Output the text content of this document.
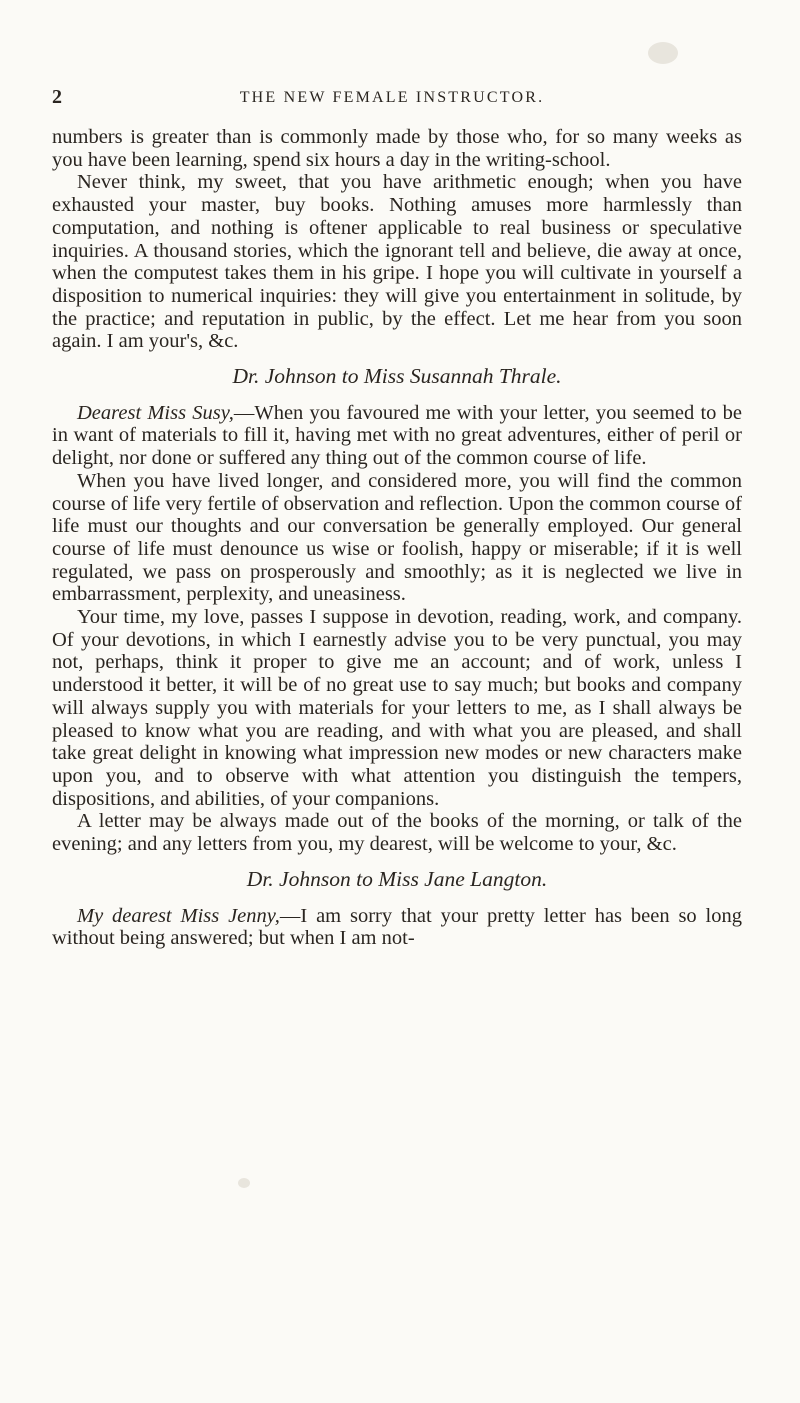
2	THE NEW FEMALE INSTRUCTOR.

numbers is greater than is commonly made by those who, for so many weeks as you have been learning, spend six hours a day in the writing-school.

Never think, my sweet, that you have arithmetic enough; when you have exhausted your master, buy books. Nothing amuses more harmlessly than computation, and nothing is oftener applicable to real business or speculative inquiries. A thousand stories, which the ignorant tell and believe, die away at once, when the computest takes them in his gripe. I hope you will cultivate in yourself a disposition to numerical inquiries: they will give you entertainment in solitude, by the practice; and reputation in public, by the effect. Let me hear from you soon again. I am your's, &c.

Dr. Johnson to Miss Susannah Thrale.

Dearest Miss Susy,—When you favoured me with your letter, you seemed to be in want of materials to fill it, having met with no great adventures, either of peril or delight, nor done or suffered any thing out of the common course of life.

When you have lived longer, and considered more, you will find the common course of life very fertile of observation and reflection. Upon the common course of life must our thoughts and our conversation be generally employed. Our general course of life must denounce us wise or foolish, happy or miserable; if it is well regulated, we pass on prosperously and smoothly; as it is neglected we live in embarrassment, perplexity, and uneasiness.

Your time, my love, passes I suppose in devotion, reading, work, and company. Of your devotions, in which I earnestly advise you to be very punctual, you may not, perhaps, think it proper to give me an account; and of work, unless I understood it better, it will be of no great use to say much; but books and company will always supply you with materials for your letters to me, as I shall always be pleased to know what you are reading, and with what you are pleased, and shall take great delight in knowing what impression new modes or new characters make upon you, and to observe with what attention you distinguish the tempers, dispositions, and abilities, of your companions.

A letter may be always made out of the books of the morning, or talk of the evening; and any letters from you, my dearest, will be welcome to your, &c.

Dr. Johnson to Miss Jane Langton.

My dearest Miss Jenny,—I am sorry that your pretty letter has been so long without being answered; but when I am not-
